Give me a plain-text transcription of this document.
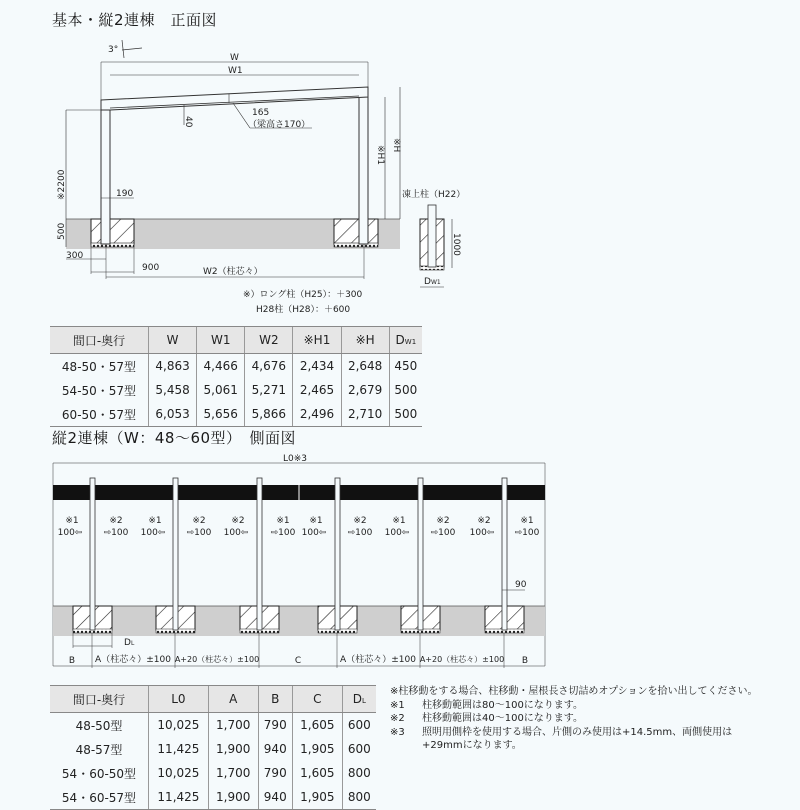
基本・縦2連棟　正面図
3°
W
W1
165
（梁高さ170）
40
※2200
500
190
300
900	W2（柱芯々）
※H1 ※H
凍上柱（H22）
1000
DW1
※）ロング柱（H25）：＋300
H28柱（H28）：＋600
間口-奥行	W	W1	W2	※H1	※H	DW1
48-50・57型	4,863	4,466	4,676	2,434	2,648	450
54-50・57型	5,458	5,061	5,271	2,465	2,679	500
60-50・57型	6,053	5,656	5,866	2,496	2,710	500
縦2連棟（W：48〜60型）　側面図
L0※3
※1
100⇦
※2
⇨100
※1
100⇦
※2
⇨100
※2
100⇦
※1
⇨100
※1
100⇦
※2
⇨100
※1
100⇦
※2
⇨100
※2
100⇦
※1
⇨100
90
DL
B A（柱芯々）±100 A+20（柱芯々）±100	C	A（柱芯々）±100 A+20（柱芯々）±100 B
間口-奥行	L0	A	B	C	DL
48-50型	10,025	1,700	790	1,605	600
48-57型	11,425	1,900	940	1,905	600
54・60-50型	10,025	1,700	790	1,605	800
54・60-57型	11,425	1,900	940	1,905	800
※柱移動をする場合、柱移動・屋根長さ切詰めオプションを拾い出してください。
※1 柱移動範囲は80〜100になります。
※2 柱移動範囲は40〜100になります。
※3 照明用側枠を使用する場合、片側のみ使用は+14.5mm、両側使用は
+29mmになります。
